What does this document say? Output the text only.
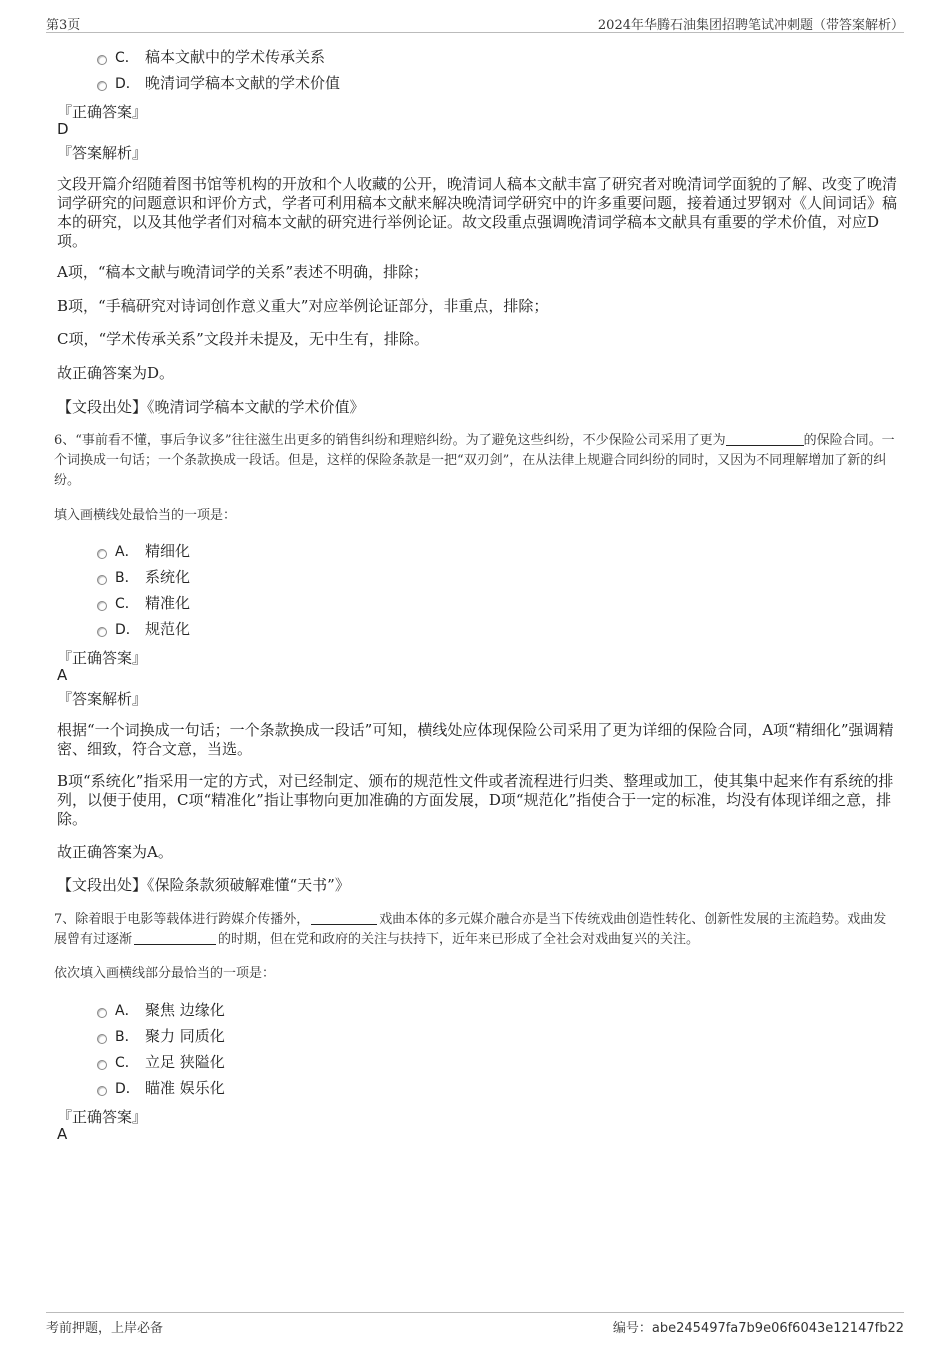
第3页	2024年华腾石油集团招聘笔试冲刺题（带答案解析）
C． 稿本文献中的学术传承关系
D． 晚清词学稿本文献的学术价值
『正确答案』
D
『答案解析』
文段开篇介绍随着图书馆等机构的开放和个人收藏的公开，晚清词人稿本文献丰富了研究者对晚清词学面貌的了解、改变了晚清词学研究的问题意识和评价方式，学者可利用稿本文献来解决晚清词学研究中的许多重要问题，接着通过罗钢对《人间词话》稿本的研究，以及其他学者们对稿本文献的研究进行举例论证。故文段重点强调晚清词学稿本文献具有重要的学术价值，对应D项。
A项，“稿本文献与晚清词学的关系”表述不明确，排除；
B项，“手稿研究对诗词创作意义重大”对应举例论证部分，非重点，排除；
C项，“学术传承关系”文段并未提及，无中生有，排除。
故正确答案为D。
【文段出处】《晚清词学稿本文献的学术价值》
6、“事前看不懂，事后争议多”往往滋生出更多的销售纠纷和理赔纠纷。为了避免这些纠纷，不少保险公司采用了更为	的保险合同。一个词换成一句话；一个条款换成一段话。但是，这样的保险条款是一把“双刃剑”，在从法律上规避合同纠纷的同时，又因为不同理解增加了新的纠纷。
填入画横线处最恰当的一项是：
A． 精细化
B． 系统化
C． 精准化
D． 规范化
『正确答案』
A
『答案解析』
根据“一个词换成一句话；一个条款换成一段话”可知，横线处应体现保险公司采用了更为详细的保险合同，A项“精细化”强调精密、细致，符合文意，当选。
B项“系统化”指采用一定的方式，对已经制定、颁布的规范性文件或者流程进行归类、整理或加工，使其集中起来作有系统的排列，以便于使用，C项“精准化”指让事物向更加准确的方面发展，D项“规范化”指使合于一定的标准，均没有体现详细之意，排除。
故正确答案为A。
【文段出处】《保险条款须破解难懂“天书”》
7、除着眼于电影等载体进行跨媒介传播外，	戏曲本体的多元媒介融合亦是当下传统戏曲创造性转化、创新性发展的主流趋势。戏曲发展曾有过逐渐	的时期，但在党和政府的关注与扶持下，近年来已形成了全社会对戏曲复兴的关注。
依次填入画横线部分最恰当的一项是：
A． 聚焦 边缘化
B． 聚力 同质化
C． 立足 狭隘化
D． 瞄准 娱乐化
『正确答案』
A
考前押题，上岸必备	编号：abe245497fa7b9e06f6043e12147fb22
